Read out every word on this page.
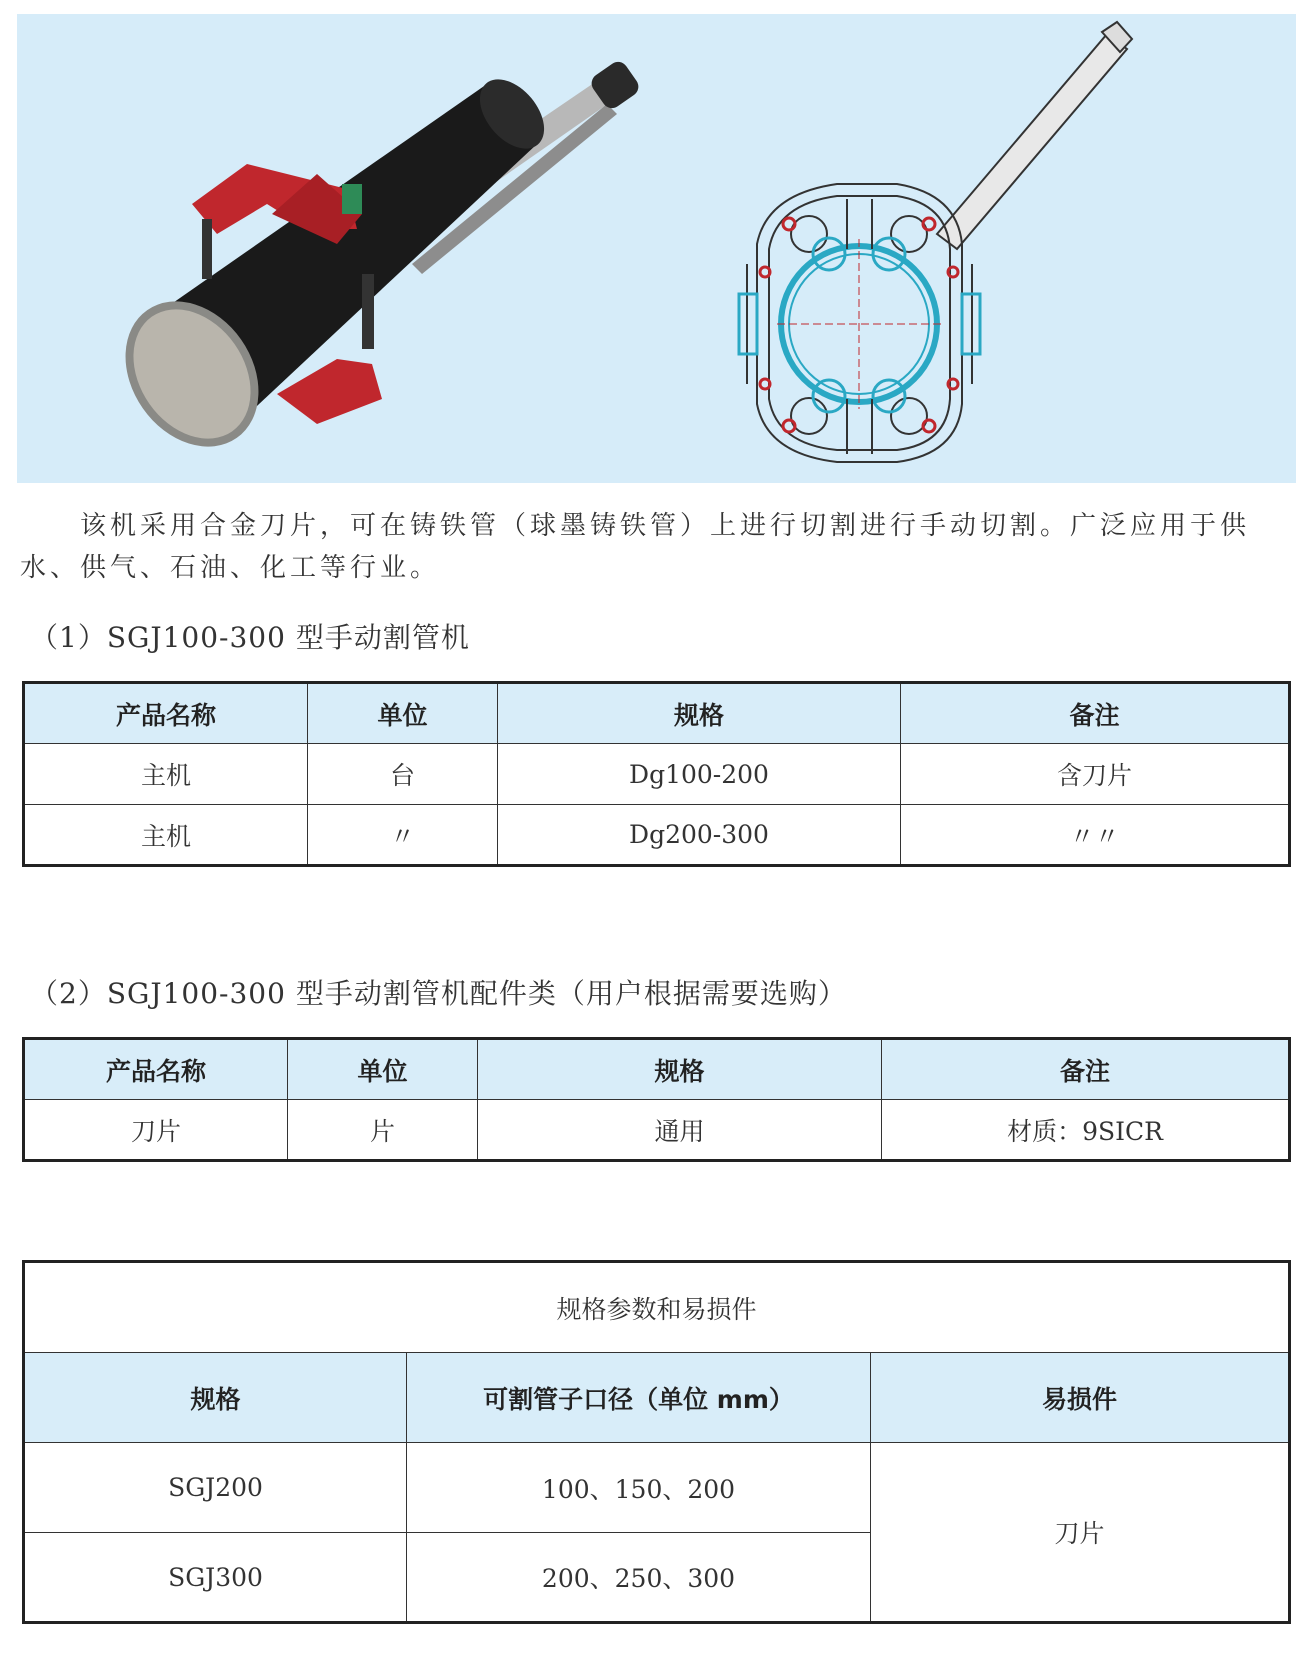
该机采用合金刀片，可在铸铁管（球墨铸铁管）上进行切割进行手动切割。广泛应用于供水、供气、石油、化工等行业。

（1）SGJ100-300 型手动割管机

产品名称	单位	规格	备注
主机	台	Dg100-200	含刀片
主机	〃	Dg200-300	〃〃

（2）SGJ100-300 型手动割管机配件类（用户根据需要选购）

产品名称	单位	规格	备注
刀片	片	通用	材质：9SICR
规格参数和易损件		
规格	可割管子口径（单位 mm）	易损件
SGJ200	100、150、200	刀片
SGJ300	200、250、300	
